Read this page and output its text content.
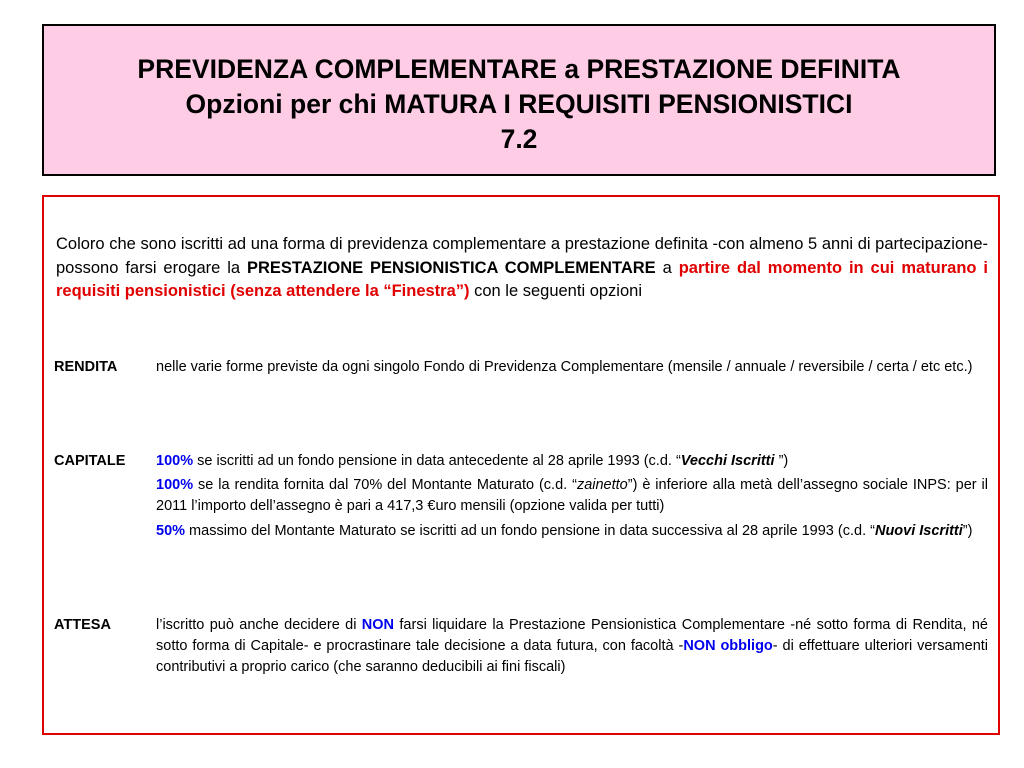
PREVIDENZA COMPLEMENTARE a PRESTAZIONE DEFINITA
Opzioni per chi MATURA I REQUISITI PENSIONISTICI
7.2
Coloro che sono iscritti ad una forma di previdenza complementare a prestazione definita -con almeno 5 anni di partecipazione- possono farsi erogare la PRESTAZIONE PENSIONISTICA COMPLEMENTARE a partire dal momento in cui maturano i requisiti pensionistici (senza attendere la “Finestra”) con le seguenti opzioni
RENDITA	nelle varie forme previste da ogni singolo Fondo di Previdenza Complementare (mensile / annuale / reversibile / certa / etc etc.)
CAPITALE 100% se iscritti ad un fondo pensione in data antecedente al 28 aprile 1993 (c.d. “Vecchi Iscritti ”)
100% se la rendita fornita dal 70% del Montante Maturato (c.d. “zainetto”) è inferiore alla metà dell’assegno sociale INPS: per il 2011 l’importo dell’assegno è pari a 417,3 €uro mensili (opzione valida per tutti)
50% massimo del Montante Maturato se iscritti ad un fondo pensione in data successiva al 28 aprile 1993 (c.d. “Nuovi Iscritti”)
ATTESA	l’iscritto può anche decidere di NON farsi liquidare la Prestazione Pensionistica Complementare -né sotto forma di Rendita, né sotto forma di Capitale- e procrastinare tale decisione a data futura, con facoltà -NON obbligo- di effettuare ulteriori versamenti contributivi a proprio carico (che saranno deducibili ai fini fiscali)
